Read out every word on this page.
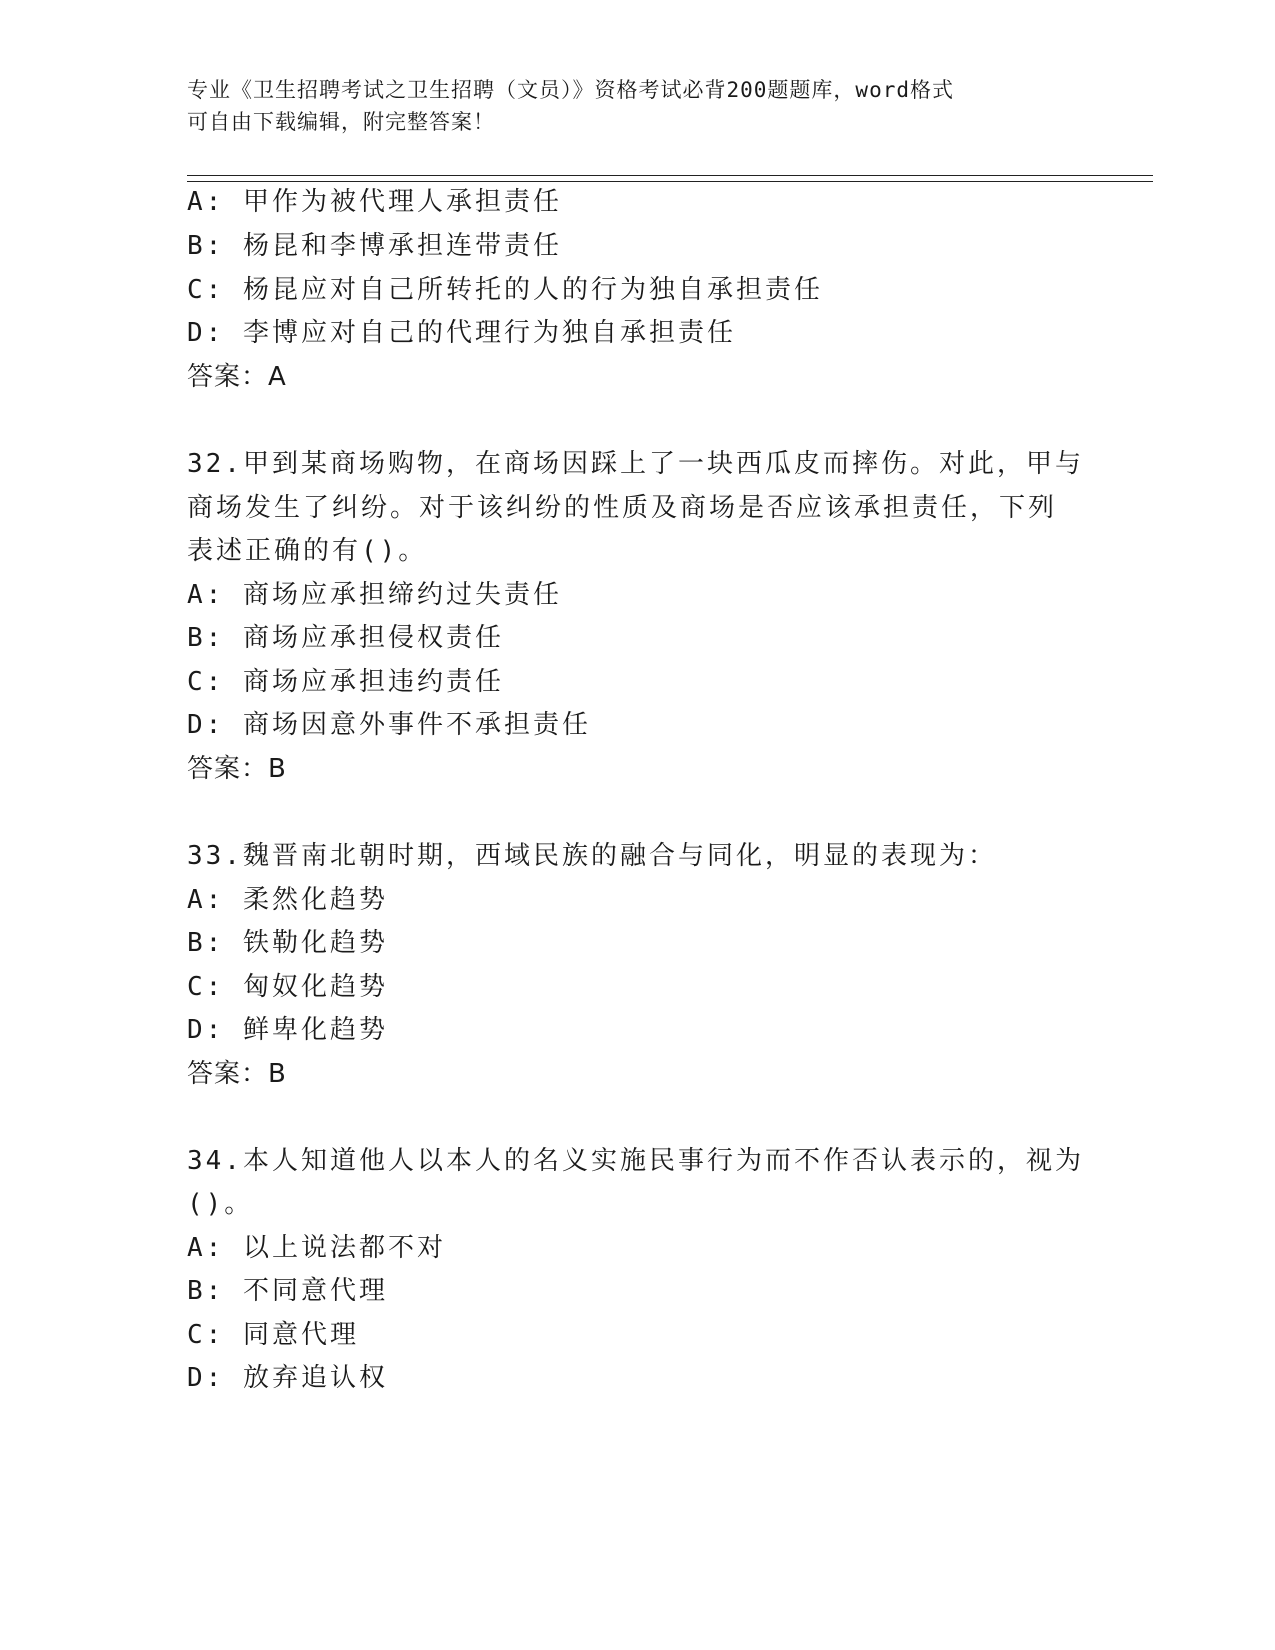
专业《卫生招聘考试之卫生招聘（文员）》资格考试必背200题题库，word格式
可自由下载编辑，附完整答案！
A: 甲作为被代理人承担责任
B: 杨昆和李博承担连带责任
C: 杨昆应对自己所转托的人的行为独自承担责任
D: 李博应对自己的代理行为独自承担责任
答案：A
32.甲到某商场购物，在商场因踩上了一块西瓜皮而摔伤。对此，甲与
商场发生了纠纷。对于该纠纷的性质及商场是否应该承担责任，下列
表述正确的有()。
A: 商场应承担缔约过失责任
B: 商场应承担侵权责任
C: 商场应承担违约责任
D: 商场因意外事件不承担责任
答案：B
33.魏晋南北朝时期，西域民族的融合与同化，明显的表现为：
A: 柔然化趋势
B: 铁勒化趋势
C: 匈奴化趋势
D: 鲜卑化趋势
答案：B
34.本人知道他人以本人的名义实施民事行为而不作否认表示的，视为
()。
A: 以上说法都不对
B: 不同意代理
C: 同意代理
D: 放弃追认权
